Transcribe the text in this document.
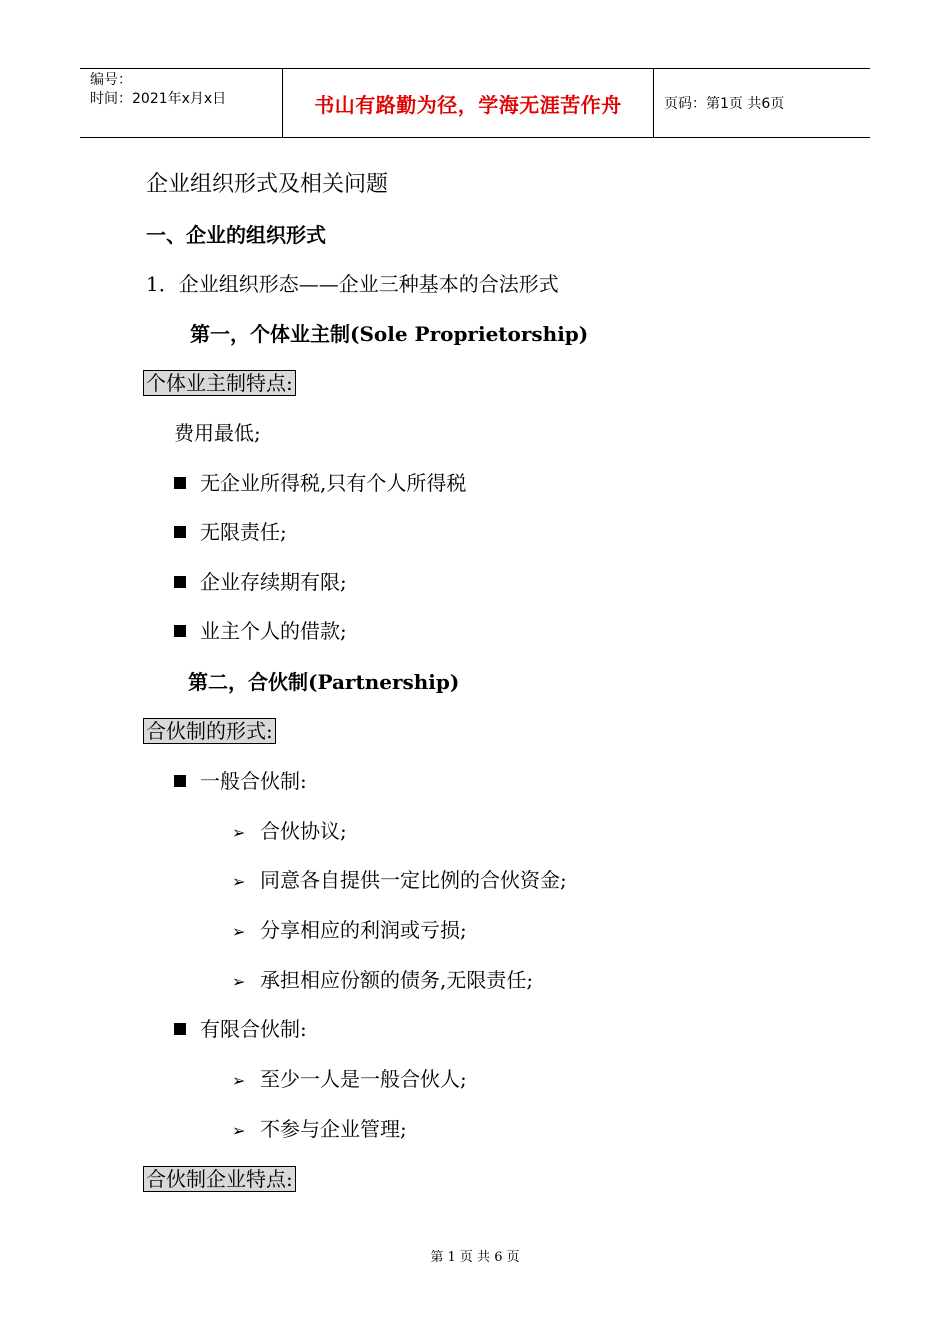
编号：
时间：2021年x月x日	书山有路勤为径，学海无涯苦作舟	页码：第1页 共6页
企业组织形式及相关问题
一、企业的组织形式
1．企业组织形态——企业三种基本的合法形式
第一，个体业主制(Sole Proprietorship)
个体业主制特点:
费用最低;
无企业所得税,只有个人所得税
无限责任;
企业存续期有限;
业主个人的借款;
第二，合伙制(Partnership)
合伙制的形式:
一般合伙制:
➢ 合伙协议;
➢ 同意各自提供一定比例的合伙资金;
➢ 分享相应的利润或亏损;
➢ 承担相应份额的债务,无限责任;
有限合伙制:
➢ 至少一人是一般合伙人;
➢ 不参与企业管理;
合伙制企业特点:
第 1 页 共 6 页
